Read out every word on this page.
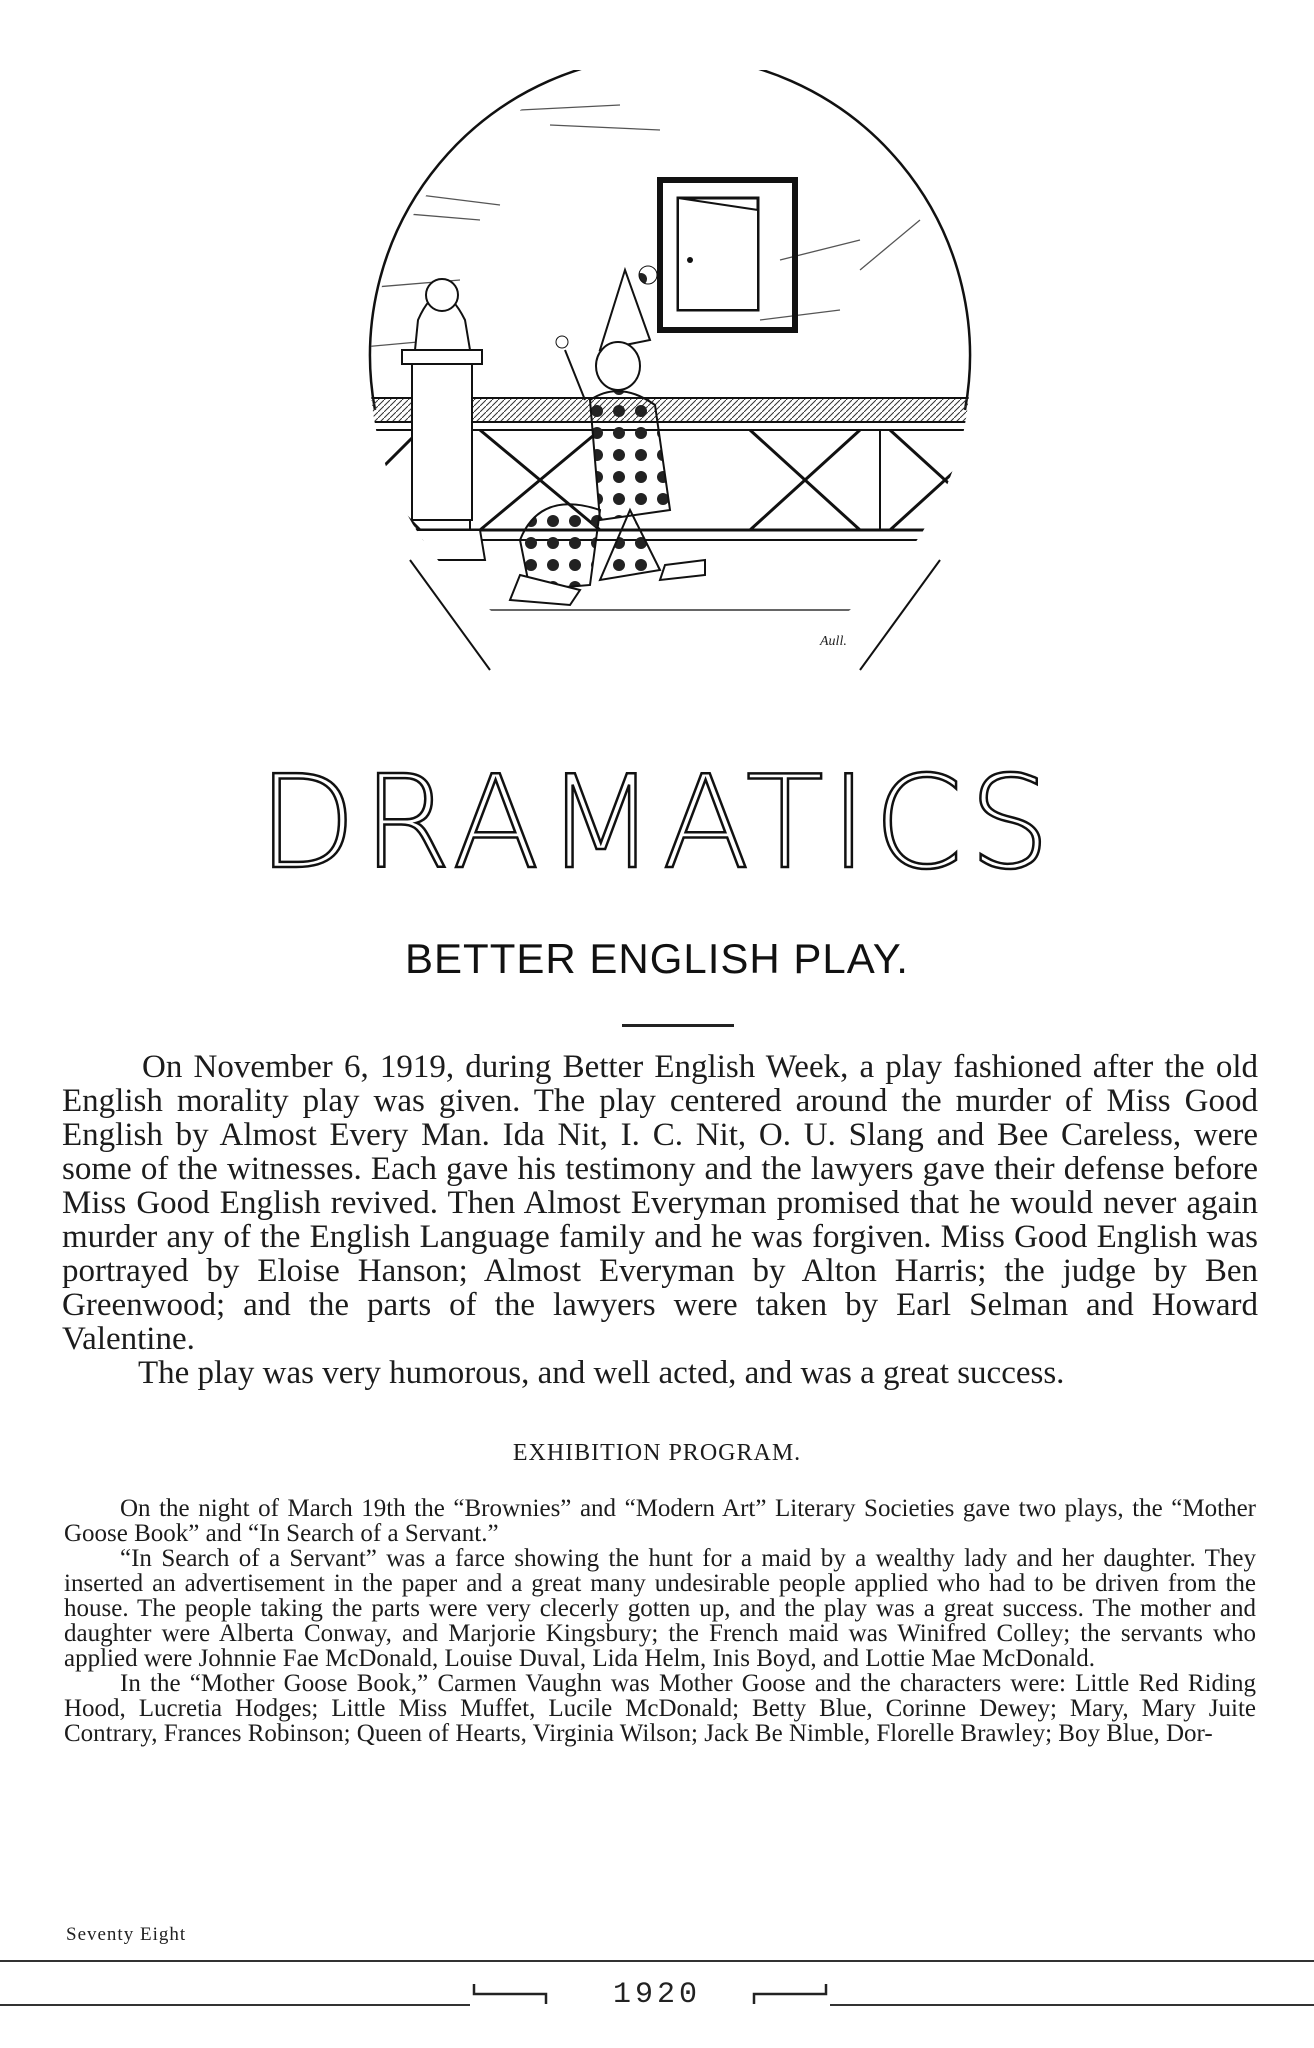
Aull.
DRAMATICS
BETTER ENGLISH PLAY.

On November 6, 1919, during Better English Week, a play fashioned after the old English morality play was given. The play centered around the murder of Miss Good English by Almost Every Man. Ida Nit, I. C. Nit, O. U. Slang and Bee Careless, were some of the witnesses. Each gave his testimony and the lawyers gave their defense before Miss Good English revived. Then Almost Everyman promised that he would never again murder any of the English Language family and he was forgiven. Miss Good English was portrayed by Eloise Hanson; Almost Everyman by Alton Harris; the judge by Ben Greenwood; and the parts of the lawyers were taken by Earl Selman and Howard Valentine.

The play was very humorous, and well acted, and was a great success.

EXHIBITION PROGRAM.

On the night of March 19th the “Brownies” and “Modern Art” Literary Societies gave two plays, the “Mother Goose Book” and “In Search of a Servant.”

“In Search of a Servant” was a farce showing the hunt for a maid by a wealthy lady and her daughter. They inserted an advertisement in the paper and a great many undesirable people applied who had to be driven from the house. The people taking the parts were very clecerly gotten up, and the play was a great success. The mother and daughter were Alberta Conway, and Marjorie Kingsbury; the French maid was Winifred Colley; the servants who applied were Johnnie Fae McDonald, Louise Duval, Lida Helm, Inis Boyd, and Lottie Mae McDonald.

In the “Mother Goose Book,” Carmen Vaughn was Mother Goose and the characters were: Little Red Riding Hood, Lucretia Hodges; Little Miss Muffet, Lucile McDonald; Betty Blue, Corinne Dewey; Mary, Mary Juite Contrary, Frances Robinson; Queen of Hearts, Virginia Wilson; Jack Be Nimble, Florelle Brawley; Boy Blue, Dor-

Seventy Eight
1920
